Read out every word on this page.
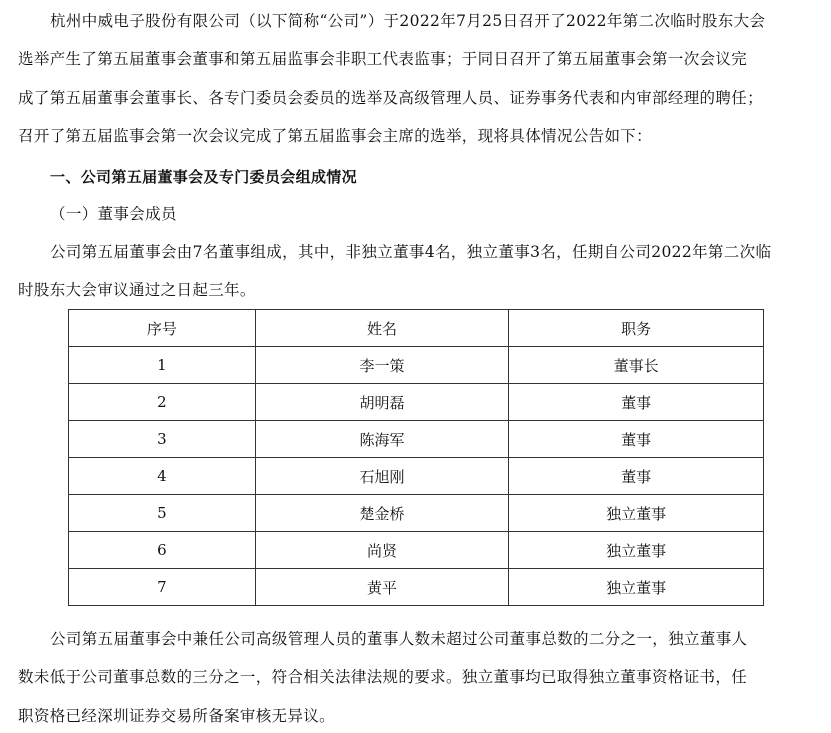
杭州中威电子股份有限公司（以下简称“公司”）于2022年7月25日召开了2022年第二次临时股东大会
选举产生了第五届董事会董事和第五届监事会非职工代表监事；于同日召开了第五届董事会第一次会议完
成了第五届董事会董事长、各专门委员会委员的选举及高级管理人员、证券事务代表和内审部经理的聘任；
召开了第五届监事会第一次会议完成了第五届监事会主席的选举，现将具体情况公告如下：
一、公司第五届董事会及专门委员会组成情况
（一）董事会成员
公司第五届董事会由7名董事组成，其中，非独立董事4名，独立董事3名，任期自公司2022年第二次临
时股东大会审议通过之日起三年。
序号	姓名	职务
1	李一策	董事长
2	胡明磊	董事
3	陈海军	董事
4	石旭刚	董事
5	楚金桥	独立董事
6	尚贤	独立董事
7	黄平	独立董事
公司第五届董事会中兼任公司高级管理人员的董事人数未超过公司董事总数的二分之一，独立董事人
数未低于公司董事总数的三分之一，符合相关法律法规的要求。独立董事均已取得独立董事资格证书，任
职资格已经深圳证券交易所备案审核无异议。
